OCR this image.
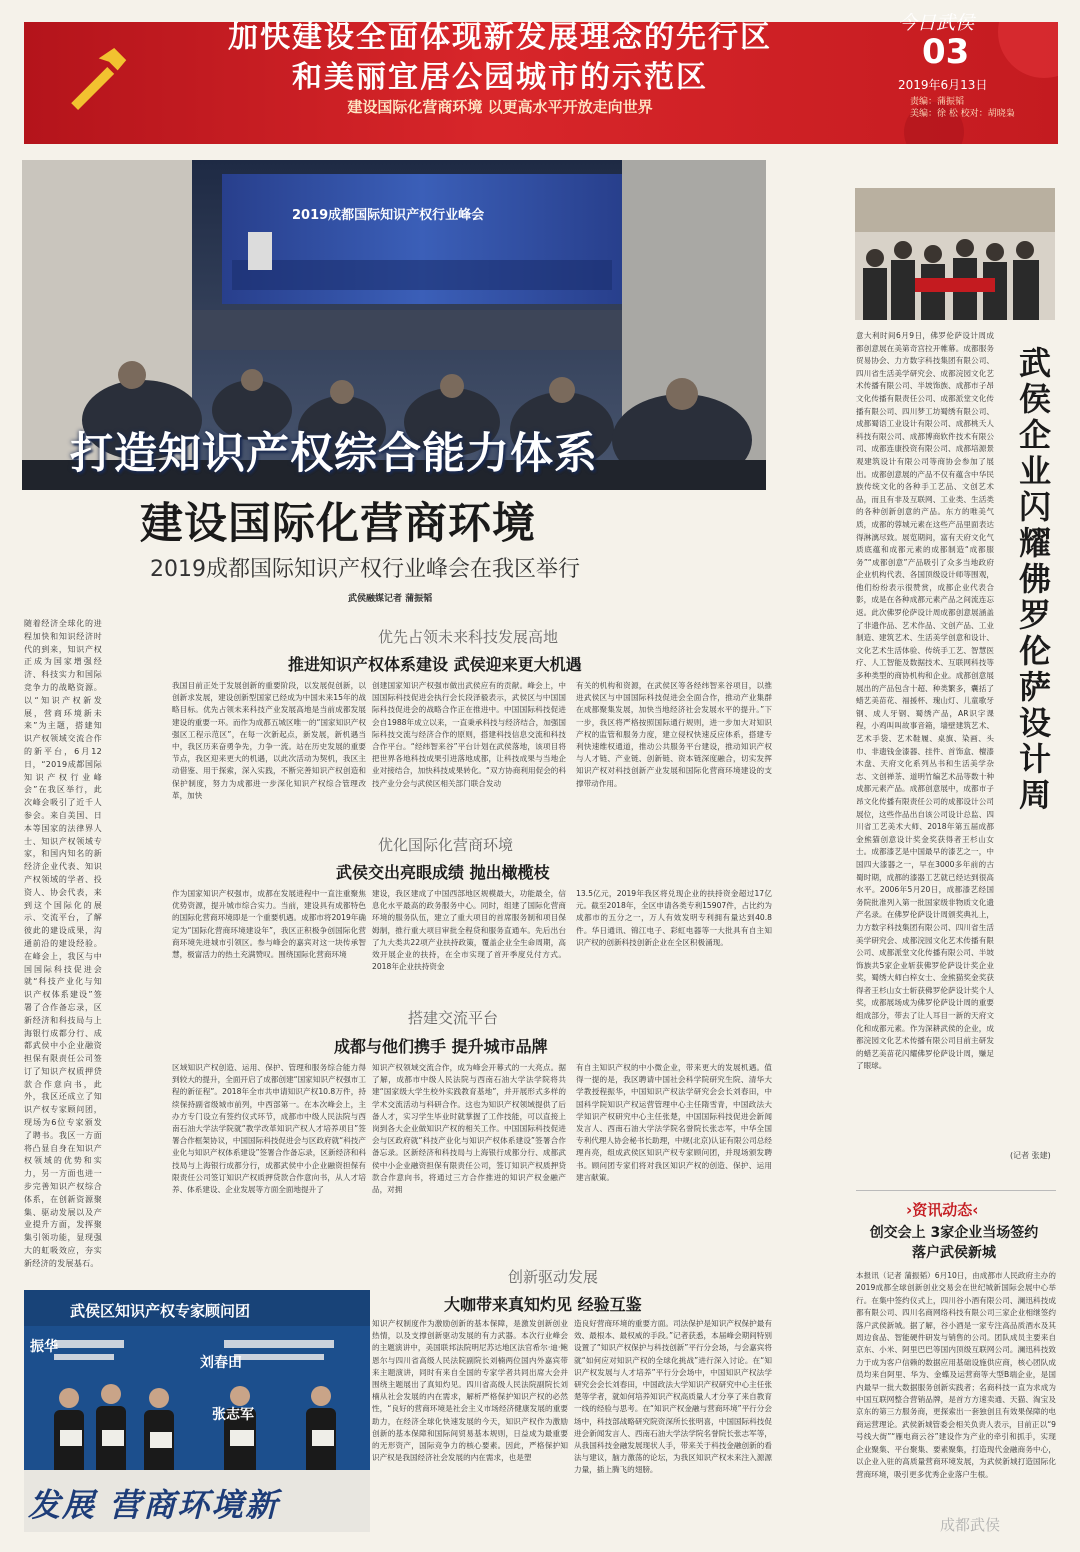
加快建设全面体现新发展理念的先行区
和美丽宜居公园城市的示范区
建设国际化营商环境 以更高水平开放走向世界
今日武侯
03
2019年6月13日
责编：蒲振韬
美编：徐 松 校对：胡晓枭
2019成都国际知识产权行业峰会
打造知识产权综合能力体系
建设国际化营商环境
2019成都国际知识产权行业峰会在我区举行
武侯融媒记者 蒲振韬
随着经济全球化的进程加快和知识经济时代的到来，知识产权正成为国家增强经济、科技实力和国际竞争力的战略资源。以“知识产权新发展，营商环境新未来”为主题，搭建知识产权领域交流合作的新平台，6月12日，“2019成都国际知识产权行业峰会”在我区举行，此次峰会吸引了近千人参会。来自美国、日本等国家的法律界人士、知识产权领域专家，和国内知名的新经济企业代表、知识产权领域的学者、投资人、协会代表，来到这个国际化的展示、交流平台，了解彼此的建设成果，沟通前沿的建设经验。在峰会上，我区与中国国际科技促进会就“科技产业化与知识产权体系建设”签署了合作备忘录，区新经济和科技局与上海银行成都分行、成都武侯中小企业融资担保有限责任公司签订了知识产权质押贷款合作意向书，此外，我区还成立了知识产权专家顾问团，现场为6位专家颁发了聘书。我区一方面将凸显自身在知识产权领域的优势和实力，另一方面也进一步完善知识产权综合体系，在创新资源聚集、驱动发展以及产业提升方面，发挥聚集引领功能，显现强大的虹吸效应，夯实新经济的发展基石。
优先占领未来科技发展高地
推进知识产权体系建设 武侯迎来更大机遇
我国目前正处于发展创新的重要阶段，以发展促创新，以创新求发展，建设创新型国家已经成为中国未来15年的战略目标。优先占领未来科技产业发展高地是当前成都发展建设的重要一环。而作为成都五城区唯一的“国家知识产权强区工程示范区”，在每一次新起点，新发展，新机遇当中，我区历来奋勇争先，力争一流。站在历史发展的重要节点，我区迎来更大的机遇，以此次活动为契机，我区主动借鉴、用于探索，深入实践，不断完善知识产权创造和保护制度，努力为成都进一步深化知识产权综合管理改革，加快
创建国家知识产权强市做出武侯应有的贡献。峰会上，中国国际科技促进会执行会长段泽毅表示，武侯区与中国国际科技促进会的战略合作正在推进中。中国国际科技促进会自1988年成立以来，一直秉承科技与经济结合，加强国际科技交流与经济合作的原则，搭建科技信息交流和科技合作平台。“经纬智来谷”平台计划在武侯落地，该项目将把世界各地科技成果引进落地成都，让科技成果与当地企业对接结合，加快科技成果转化。“双方协商利用促会的科技产业分会与武侯区相关部门联合发动
有关的机构和资源，在武侯区等各经纬智来谷项目，以推进武侯区与中国国际科技促进会全面合作，推动产业集群在成都聚集发展，加快当地经济社会发展水平的提升。”下一步，我区将严格按照国际通行规则，进一步加大对知识产权的监管和服务力度，建立侵权快速反应体系，搭建专利快速维权通道，推动公共服务平台建设，推动知识产权与人才链、产业链、创新链、资本链深度融合，切实发挥知识产权对科技创新产业发展和国际化营商环境建设的支撑带动作用。
优化国际化营商环境
武侯交出亮眼成绩 抛出橄榄枝
作为国家知识产权强市，成都在发展进程中一直注重聚焦优势资源，提升城市综合实力。当前，建设具有成都特色的国际化营商环境即是一个重要机遇。成都市将2019年确定为“国际化营商环境建设年”，我区正积极争创国际化营商环境先进城市引领区。参与峰会的嘉宾对这一块传承智慧，极富活力的热土充满赞叹。围绕国际化营商环境
建设，我区建成了中国西部地区规模最大，功能最全，信息化水平最高的政务服务中心。同时，组建了国际化营商环境的服务队伍，建立了重大项目的首席服务制和项目保姆制，推行重大项目审批全程贷和服务直通车。先后出台了九大类共22项产业扶持政策，覆盖企业全生命周期，高效开展企业的扶持，在全市实现了首开季度兑付方式。2018年企业扶持资金
13.5亿元，2019年我区将兑现企业的扶持资金超过17亿元。截至2018年，全区申请各类专利15907件，占比约为成都市的五分之一，万人有效发明专利拥有量达到40.8件。华日通讯、锦江电子、彩虹电器等一大批具有自主知识产权的创新科技创新企业在全区积极涌现。
搭建交流平台
成都与他们携手 提升城市品牌
区域知识产权创造、运用、保护、管理和服务综合能力得到较大的提升，全面开启了成都创建“国家知识产权强市工程的新征程”。2018年全市共申请知识产权10.8万件，持续保持副省级城市前列，中西部第一。在本次峰会上，主办方专门设立有签约仪式环节，成都市中级人民法院与西南石油大学法学院就“教学改革知识产权人才培养项目”签署合作框架协议，中国国际科技促进会与区政府就“科技产业化与知识产权体系建设”签署合作备忘录，区新经济和科技局与上海银行成都分行，成都武侯中小企业融资担保有限责任公司签订知识产权质押贷款合作意向书，从人才培养、体系建设、企业发展等方面全面地提升了
知识产权领域交流合作，成为峰会开幕式的一大亮点。据了解，成都市中级人民法院与西南石油大学法学院将共建“国家级大学生校外实践教育基地”，并开展形式多样的学术交流活动与科研合作。这也为知识产权领域提供了后备人才，实习学生毕业时就掌握了工作技能，可以直接上岗到各大企业做知识产权的相关工作。中国国际科技促进会与区政府就“科技产业化与知识产权体系建设”签署合作备忘录。区新经济和科技局与上海银行成都分行、成都武侯中小企业融资担保有限责任公司，签订知识产权质押贷款合作意向书，将通过三方合作推进的知识产权金融产品，对拥
有自主知识产权的中小微企业，带来更大的发展机遇。值得一提的是，我区聘请中国社会科学院研究生院、清华大学教授程振华，中国知识产权法学研究会会长刘春田，中国科学院知识产权运营管理中心主任隋雪青，中国政法大学知识产权研究中心主任张楚，中国国际科技促进会新闻发言人、西南石油大学法学院名誉院长张志军，中华全国专利代理人协会秘书长助理，中规(北京)认证有限公司总经理肖亮，组成武侯区知识产权专家顾问团，并现场颁发聘书。顾问团专家们将对我区知识产权的创造、保护、运用建言献策。
创新驱动发展
大咖带来真知灼见 经验互鉴
知识产权制度作为激励创新的基本保障，是激发创新创业热情，以及支撑创新驱动发展的有力武器。本次行业峰会的主题演讲中，美国联邦法院明尼苏达地区法官希尔·迪·鲍恩尔与四川省高级人民法院副院长刘楠两位国内外嘉宾带来主题演讲，同时有来自全国的专家学者共同出席大会并围绕主题展出了真知灼见。四川省高级人民法院副院长刘楠从社会发展的内在需求，解析严格保护知识产权的必然性，“良好的营商环境是社会主义市场经济健康发展的重要助力，在经济全球化快速发展的今天，知识产权作为激励创新的基本保障和国际间贸易基本规则，日益成为最重要的无形资产，国际竞争力的核心要素。因此，严格保护知识产权是我国经济社会发展的内在需求，也是塑
造良好营商环境的重要方面。司法保护是知识产权保护最有效、最根本、最权威的手段。”记者获悉，本届峰会期间特别设置了“知识产权保护与科技创新”平行分会场，与会嘉宾将就“如何应对知识产权的全球化挑战”进行深入讨论。在“知识产权发展与人才培养”平行分会场中，中国知识产权法学研究会会长刘春田，中国政法大学知识产权研究中心主任张楚等学者，就如何培养知识产权高质量人才分享了来自教育一线的经验与思考。在“知识产权金融与营商环境”平行分会场中，科技部战略研究院资深所长张明喜，中国国际科技促进会新闻发言人、西南石油大学法学院名誉院长张志军等，从我国科技金融发展现状人手，带来关于科技金融创新的看法与建议，脑力激荡的论坛，为我区知识产权未来注入源源力量，插上腾飞的翅膀。
武侯区知识产权专家顾问团
振华
刘春田
张志军
发展 营商环境新
武侯企业闪耀佛罗伦萨设计周
意大利时间6月9日，佛罗伦萨设计周成都创意展在美第奇宫拉开帷幕。成都服务贸易协会、力方数字科技集团有限公司、四川省生活美学研究会、成都浣园文化艺术传播有限公司、半坡饰族、成都市子昂文化传播有限责任公司、成都派堂文化传播有限公司、四川梦工坊蜀绣有限公司、成都蜀语工业设计有限公司、成都桃夭人科技有限公司、成都博商软件技术有限公司、成都连康投资有限公司、成都培源景观建筑设计有限公司等商协会参加了展出。成都创意展的产品不仅有蕴含中华民族传统文化的各种手工艺品、文创艺术品，而且有非及互联网、工业类、生活类的各种创新创意的产品。东方的唯美气质，成都的蓉城元素在这些产品里面表达得淋漓尽致。展览期间，富有天府文化气质底蕴和成都元素的成都制造“成都服务”“成都创意”产品吸引了众多当地政府企业机构代表、各国顶级设计师等围观，他们纷纷表示很赞赏，成都企业代表合影，成是在各种成都元素产品之间流连忘返。此次佛罗伦萨设计周成都创意展涵盖了非遗作品、艺术作品、文创产品、工业制造、建筑艺术、生活美学创意和设计、文化艺术生活体验、传统手工艺、智慧医疗、人工智能及数据技术、互联网科技等多种类型的商协机构和企业。成都创意展展出的产品包含十超、种类繁多，囊括了蜡艺美苗花、福援杯、瑰山灯、儿童歌牙钢、成人牙钢、蜀绣产品，AR识字课程，小鸡叫叫故事音箱，墙壁建筑艺术、艺术手袋、艺术鞋履、桌旗、染画、头巾、非遗钱金漆器、挂件、首饰盒、檀漆木盘、天府文化系列丛书和生活美学杂志、文创禅茶、道明竹编艺术品等数十种成都元素产品。成都创意展中，成都市子昂文化传播有限责任公司的成都设计公司展位，这些作品出自该公司设计总监、四川省工艺美术大师、2018年第五届成都金熊猫创意设计奖金奖获得者王杉山女士。成都漆艺是中国最早的漆艺之一，中国四大漆器之一，早在3000多年前的古蜀时期，成都的漆器工艺就已经达到很高水平。2006年5月20日，成都漆艺经国务院批准列入第一批国家级非物质文化遗产名录。在佛罗伦萨设计周颁奖典礼上，力方数字科技集团有限公司、四川省生活美学研究会、成都浣园文化艺术传播有限公司、成都派堂文化传播有限公司、半坡饰族共5家企业斩获佛罗伦萨设计奖企业奖，蜀绣大师白梓女士、金熊猫奖金奖获得者王杉山女士斩获佛罗伦萨设计奖个人奖，成都展场成为佛罗伦萨设计周的重要组成部分，带去了让人耳目一新的天府文化和成都元素。作为深耕武侯的企业，成都浣园文化艺术传播有限公司目前主研发的蜡艺美苗花闪耀佛罗伦萨设计周，赚足了眼球。
(记者 张建)
›资讯动态‹
创交会上 3家企业当场签约
落户武侯新城
本报讯（记者 蒲振韬）6月10日，由成都市人民政府主办的2019成都全球创新创业交易会在世纪城新国际会展中心举行。在集中签约仪式上，四川谷小酒有限公司、澜迅科技成都有限公司、四川名商网络科技有限公司三家企业相继签约落户武侯新城。据了解，谷小酒是一家专注高品质酒水及其周边食品、智能硬件研发与销售的公司。团队成员主要来自京东、小米、阿里巴巴等国内顶级互联网公司。澜迅科技致力于成为客户信赖的数据应用基础设施供应商，核心团队成员均来自阿里、华为、金蝶及运营商等大型B端企业，是国内最早一批大数据服务创新实践者；名商科技一直为求成为中国互联网整合营销品牌，是首方方速卖通、天猫、淘宝及京东的第三方服务商，更探索出一套独创且有效果保障的电商运营理论。武侯新城管委会相关负责人表示，目前正以“9号线大街”“雁电商云谷”建设作为产业的牵引和抓手，实现企业聚集、平台聚集、要素聚集，打造现代金融商务中心，以企业入驻的高质量营商环境发展，为武侯新城打造国际化营商环境，吸引更多优秀企业落户生根。
成都武侯
